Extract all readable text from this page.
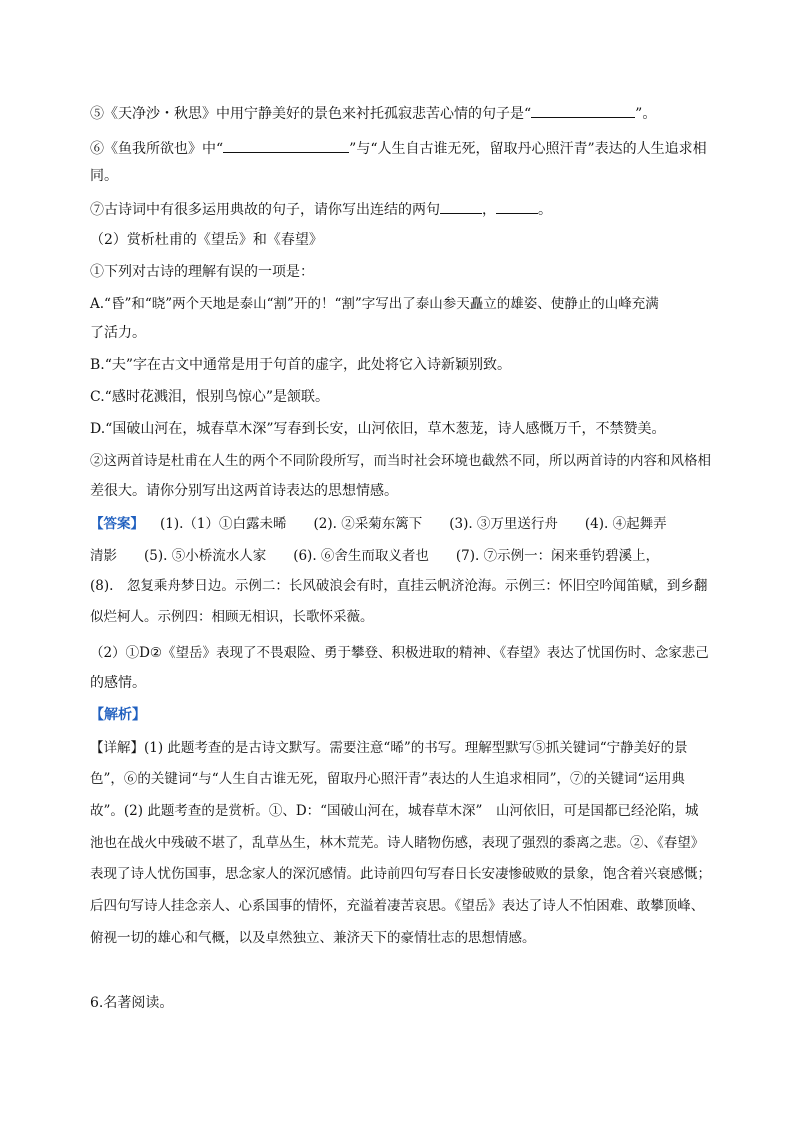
⑤《天净沙・秋思》中用宁静美好的景色来衬托孤寂悲苦心情的句子是“	”。
⑥《鱼我所欲也》中“	”与“人生自古谁无死，留取丹心照汗青”表达的人生追求相
同。
⑦古诗词中有很多运用典故的句子，请你写出连结的两句	，	。
（2）赏析杜甫的《望岳》和《春望》
①下列对古诗的理解有误的一项是：
A.“昏”和“晓”两个天地是泰山“割”开的！“割”字写出了泰山参天矗立的雄姿、使静止的山峰充满
了活力。
B.“夫”字在古文中通常是用于句首的虚字，此处将它入诗新颖别致。
C.“感时花溅泪，恨别鸟惊心”是颔联。
D.“国破山河在，城春草木深”写春到长安，山河依旧，草木葱茏，诗人感慨万千，不禁赞美。
②这两首诗是杜甫在人生的两个不同阶段所写，而当时社会环境也截然不同，所以两首诗的内容和风格相
差很大。请你分别写出这两首诗表达的思想情感。
【答案】 (1).（1）①白露未晞　　(2). ②采菊东篱下　　(3). ③万里送行舟　　(4). ④起舞弄
清影　　(5). ⑤小桥流水人家　　(6). ⑥舍生而取义者也　　(7). ⑦示例一：闲来垂钓碧溪上，
(8).　忽复乘舟梦日边。示例二：长风破浪会有时，直挂云帆济沧海。示例三：怀旧空吟闻笛赋，到乡翻
似烂柯人。示例四：相顾无相识，长歌怀采薇。
（2）①D②《望岳》表现了不畏艰险、勇于攀登、积极进取的精神、《春望》表达了忧国伤时、念家悲己
的感情。
【解析】
【详解】(1) 此题考查的是古诗文默写。需要注意“晞”的书写。理解型默写⑤抓关键词“宁静美好的景
色”，⑥的关键词“与“人生自古谁无死，留取丹心照汗青”表达的人生追求相同”，⑦的关键词“运用典
故”。(2) 此题考查的是赏析。①、D：“国破山河在，城春草木深”　山河依旧，可是国都已经沦陷，城
池也在战火中残破不堪了，乱草丛生，林木荒芜。诗人睹物伤感，表现了强烈的黍离之悲。②、《春望》
表现了诗人忧伤国事，思念家人的深沉感情。此诗前四句写春日长安凄惨破败的景象，饱含着兴衰感慨；
后四句写诗人挂念亲人、心系国事的情怀，充溢着凄苦哀思。《望岳》表达了诗人不怕困难、敢攀顶峰、
俯视一切的雄心和气概，以及卓然独立、兼济天下的豪情壮志的思想情感。
6.名著阅读。
